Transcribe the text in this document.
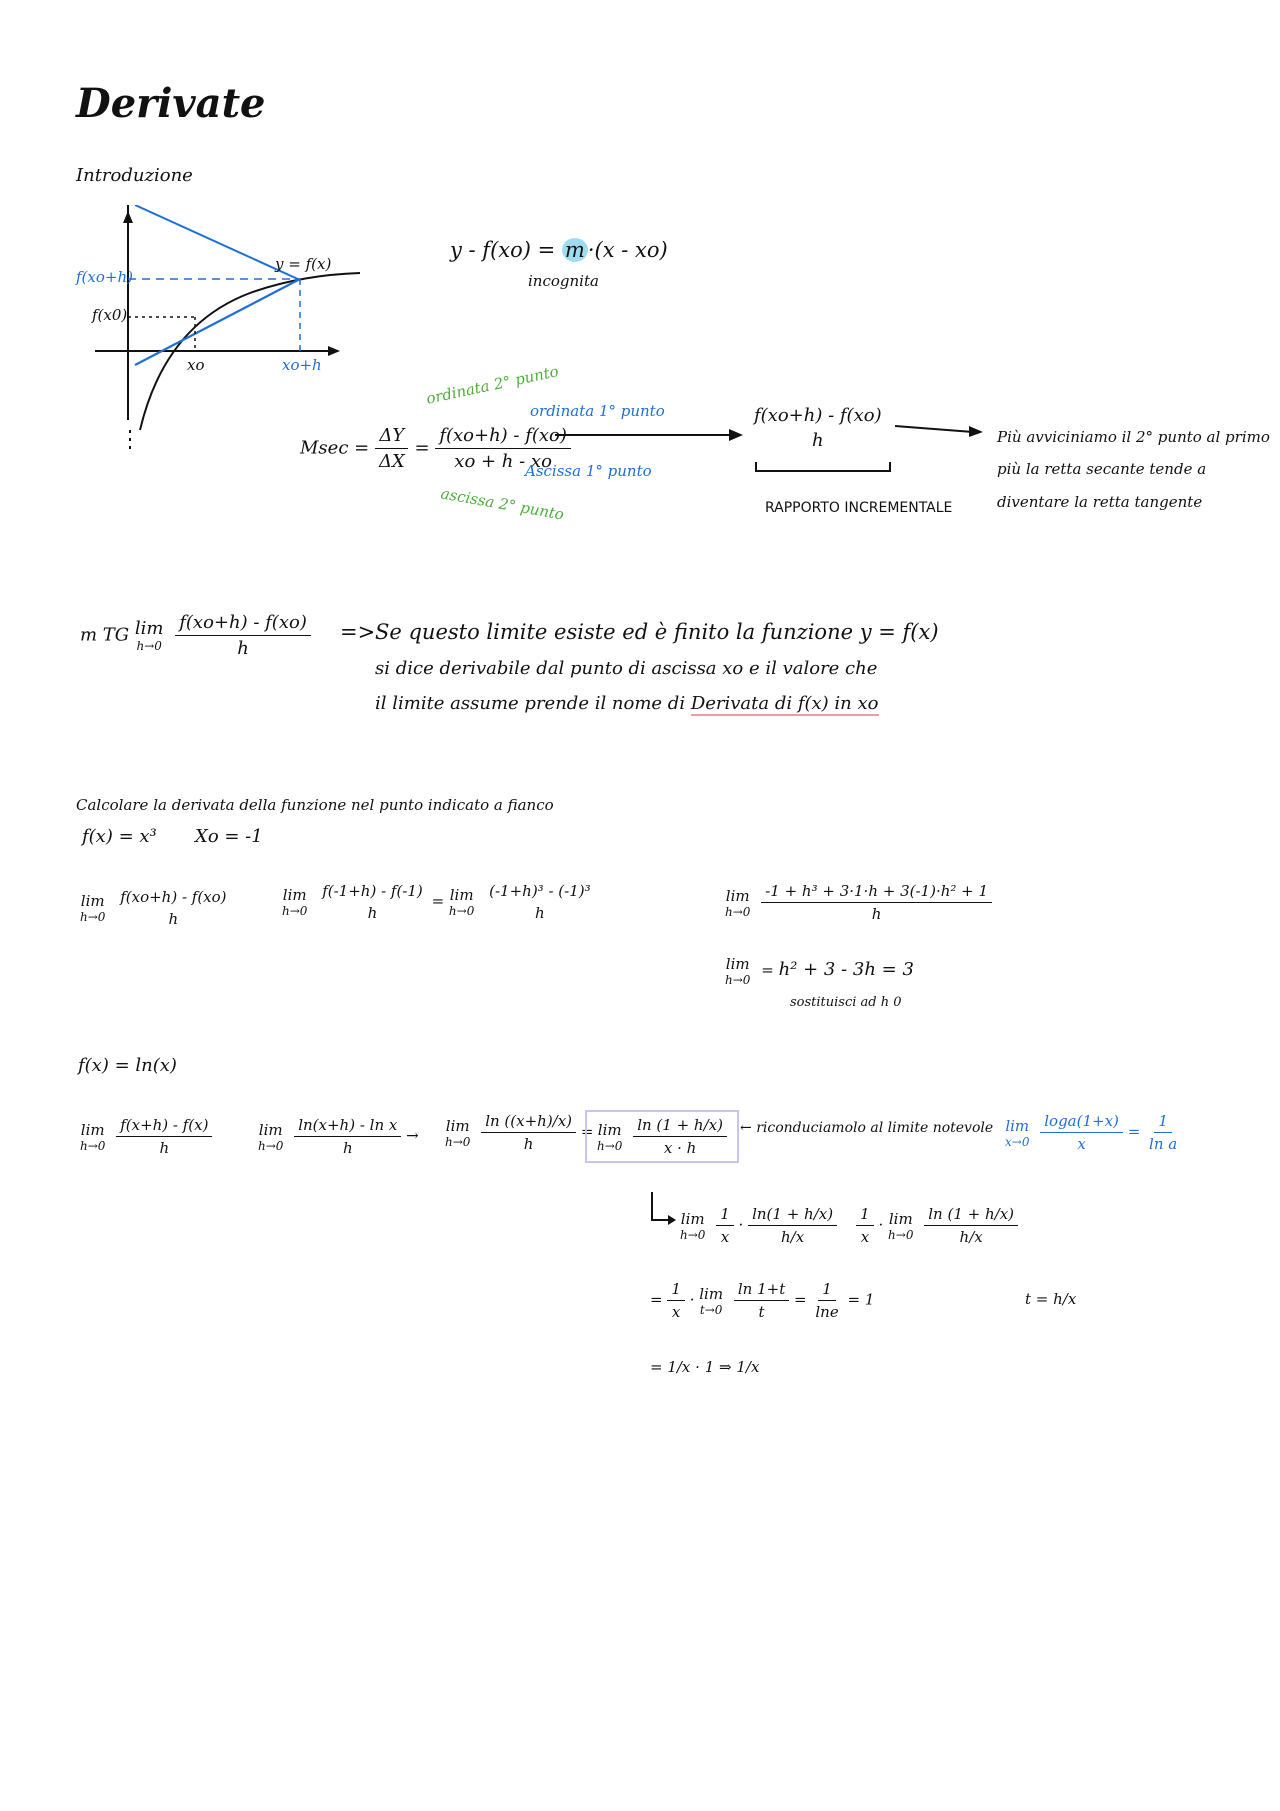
Derivate
Introduzione
f(xo+h)
f(x0)
y = f(x)
xo	xo+h
y - f(xo) = m ·(x - xo)
incognita
ordinata 2° punto
ordinata 1° punto
$Msec = \frac{\Delta Y}{\Delta X} = \frac{f(xo+h) - f(xo)}{xo + h - xo}$
Ascissa 1° punto
ascissa 2° punto
f(xo+h) - f(xo)
h
RAPPORTO INCREMENTALE
Più avviciniamo il 2° punto al primo
più la retta secante tende a
diventare la retta tangente
m TG lim
h→0
$\frac{f(xo+h) - f(xo)}{h} => Se$ questo limite esiste ed è finito la funzione y = f(x)
si dice derivabile dal punto di ascissa xo e il valore che
il limite assume prende il nome di Derivata di f(x) in xo
Calcolare la derivata della funzione nel punto indicato a fianco
f(x) = x³ Xo = -1
lim
h→0

f(xo+h) - f(xo)
h
lim
h→0

f(-1+h) - f(-1)
h
= lim
h→0

(-1+h)³ - (-1)³
h
lim
h→0
$\frac{\text{-1 + h³ + 3·1·h + 3(-1)·h² + 1}}{h}$
lim
h→0
= h² + 3 - 3h = 3
sostituisci ad h 0
f(x) = ln(x)
lim
h→0
$\frac{f(x+h) - f(x)}{h}$	lim
h→0
$\frac{\text{ln(x+h) - ln x}}{h}$ →
lim
h→0
$\frac{\ln ((x+h)/x)}{h} = \lim$
h→0
$\frac{\ln (1 + h/x)}{x \cdot h}$ ← riconduciamolo al limite notevole lim
x→0
$\frac{\log a(1+x)}{x} = \frac{1}{\text{ln a}}$
lim
h→0
$\frac{1}{x} \cdot \frac{\ln(1 + h/x)}{h/x}$
$\frac{1}{x} \cdot \lim$
h→0
$\frac{\ln (1 + h/x)}{h/x}$
= $\frac{1}{x} \cdot \lim$
t→0
$\frac{\ln 1+t}{t} = \frac{1}{\ln e} = 1$	t = h/x
= 1/x · 1 ⇒ 1/x
